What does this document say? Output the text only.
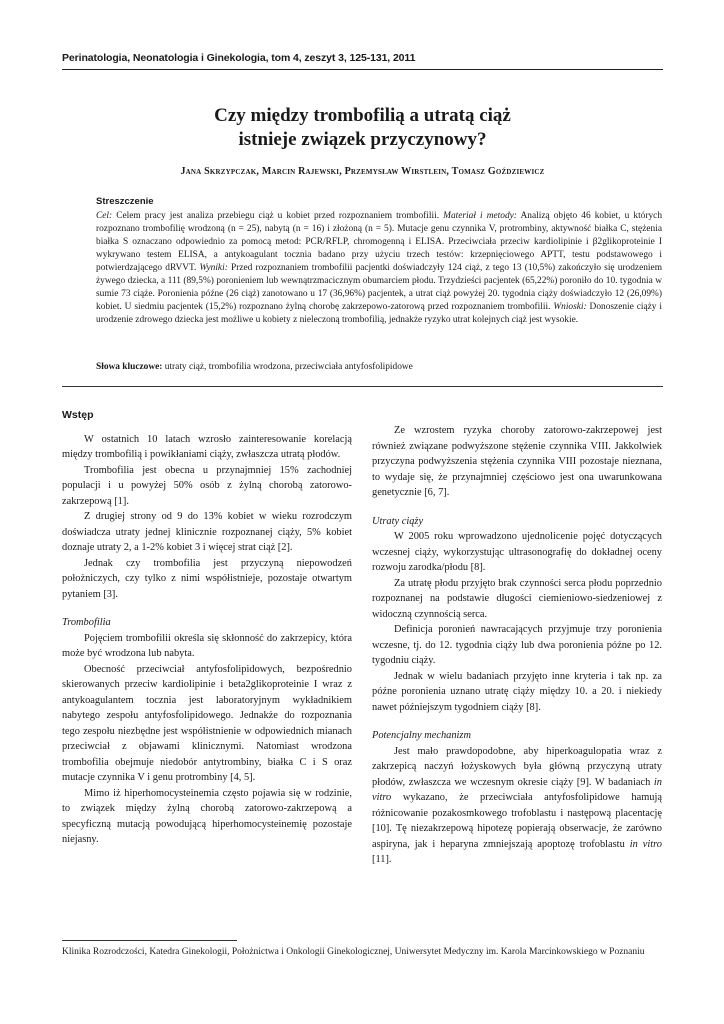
Perinatologia, Neonatologia i Ginekologia, tom 4, zeszyt 3, 125-131, 2011
Czy między trombofilią a utratą ciąż
istnieje związek przyczynowy?
Jana Skrzypczak, Marcin Rajewski, Przemysław Wirstlein, Tomasz Goździewicz
Streszczenie
Cel: Celem pracy jest analiza przebiegu ciąż u kobiet przed rozpoznaniem trombofilii. Materiał i metody: Analizą objęto 46 kobiet, u których rozpoznano trombofilię wrodzoną (n = 25), nabytą (n = 16) i złożoną (n = 5). Mutacje genu czynnika V, protrombiny, aktywność białka C, stężenia białka S oznaczano odpowiednio za pomocą metod: PCR/RFLP, chromogenną i ELISA. Przeciwciała przeciw kardiolipinie i β2glikoproteinie I wykrywano testem ELISA, a antykoagulant tocznia badano przy użyciu trzech testów: krzepnięciowego APTT, testu podstawowego i potwierdzającego dRVVT. Wyniki: Przed rozpoznaniem trombofilii pacjentki doświadczyły 124 ciąż, z tego 13 (10,5%) zakończyło się urodzeniem żywego dziecka, a 111 (89,5%) poronieniem lub wewnątrzmacicznym obumarciem płodu. Trzydzieści pacjentek (65,22%) poroniło do 10. tygodnia w sumie 73 ciąże. Poronienia późne (26 ciąż) zanotowano u 17 (36,96%) pacjentek, a utrat ciąż powyżej 20. tygodnia ciąży doświadczyło 12 (26,09%) kobiet. U siedmiu pacjentek (15,2%) rozpoznano żylną chorobę zakrzepowo-zatorową przed rozpoznaniem trombofilii. Wnioski: Donoszenie ciąży i urodzenie zdrowego dziecka jest możliwe u kobiety z nieleczoną trombofilią, jednakże ryzyko utrat kolejnych ciąż jest wysokie.
Słowa kluczowe: utraty ciąż, trombofilia wrodzona, przeciwciała antyfosfolipidowe

Wstęp

W ostatnich 10 latach wzrosło zainteresowanie korelacją między trombofilią i powikłaniami ciąży, zwłaszcza utratą płodów.

Trombofilia jest obecna u przynajmniej 15% zachodniej populacji i u powyżej 50% osób z żylną chorobą zatorowo-zakrzepową [1].

Z drugiej strony od 9 do 13% kobiet w wieku rozrodczym doświadcza utraty jednej klinicznie rozpoznanej ciąży, 5% kobiet doznaje utraty 2, a 1-2% kobiet 3 i więcej strat ciąż [2].

Jednak czy trombofilia jest przyczyną niepowodzeń położniczych, czy tylko z nimi współistnieje, pozostaje otwartym pytaniem [3].

Trombofilia

Pojęciem trombofilii określa się skłonność do zakrzepicy, która może być wrodzona lub nabyta.

Obecność przeciwciał antyfosfolipidowych, bezpośrednio skierowanych przeciw kardiolipinie i beta2glikoproteinie I wraz z antykoagulantem tocznia jest laboratoryjnym wykładnikiem nabytego zespołu antyfosfolipidowego. Jednakże do rozpoznania tego zespołu niezbędne jest współistnienie w odpowiednich mianach przeciwciał z objawami klinicznymi. Natomiast wrodzona trombofilia obejmuje niedobór antytrombiny, białka C i S oraz mutacje czynnika V i genu protrombiny [4, 5].

Mimo iż hiperhomocysteinemia często pojawia się w rodzinie, to związek między żylną chorobą zatorowo-zakrzepową a specyficzną mutacją powodującą hiperhomocysteinemię pozostaje niejasny.

Ze wzrostem ryzyka choroby zatorowo-zakrzepowej jest również związane podwyższone stężenie czynnika VIII. Jakkolwiek przyczyna podwyższenia stężenia czynnika VIII pozostaje nieznana, to wydaje się, że przynajmniej częściowo jest ona uwarunkowana genetycznie [6, 7].

Utraty ciąży

W 2005 roku wprowadzono ujednolicenie pojęć dotyczących wczesnej ciąży, wykorzystując ultrasonografię do dokładnej oceny rozwoju zarodka/płodu [8].

Za utratę płodu przyjęto brak czynności serca płodu poprzednio rozpoznanej na podstawie długości ciemieniowo-siedzeniowej z widoczną czynnością serca.

Definicja poronień nawracających przyjmuje trzy poronienia wczesne, tj. do 12. tygodnia ciąży lub dwa poronienia późne po 12. tygodniu ciąży.

Jednak w wielu badaniach przyjęto inne kryteria i tak np. za późne poronienia uznano utratę ciąży między 10. a 20. i niekiedy nawet późniejszym tygodniem ciąży [8].

Potencjalny mechanizm

Jest mało prawdopodobne, aby hiperkoagulopatia wraz z zakrzepicą naczyń łożyskowych była główną przyczyną utraty płodów, zwłaszcza we wczesnym okresie ciąży [9]. W badaniach in vitro wykazano, że przeciwciała antyfosfolipidowe hamują różnicowanie pozakosmkowego trofoblastu i następową placentację [10]. Tę niezakrzepową hipotezę popierają obserwacje, że zarówno aspiryna, jak i heparyna zmniejszają apoptozę trofoblastu in vitro [11].

Klinika Rozrodczości, Katedra Ginekologii, Położnictwa i Onkologii Ginekologicznej, Uniwersytet Medyczny im. Karola Marcinkowskiego w Poznaniu
